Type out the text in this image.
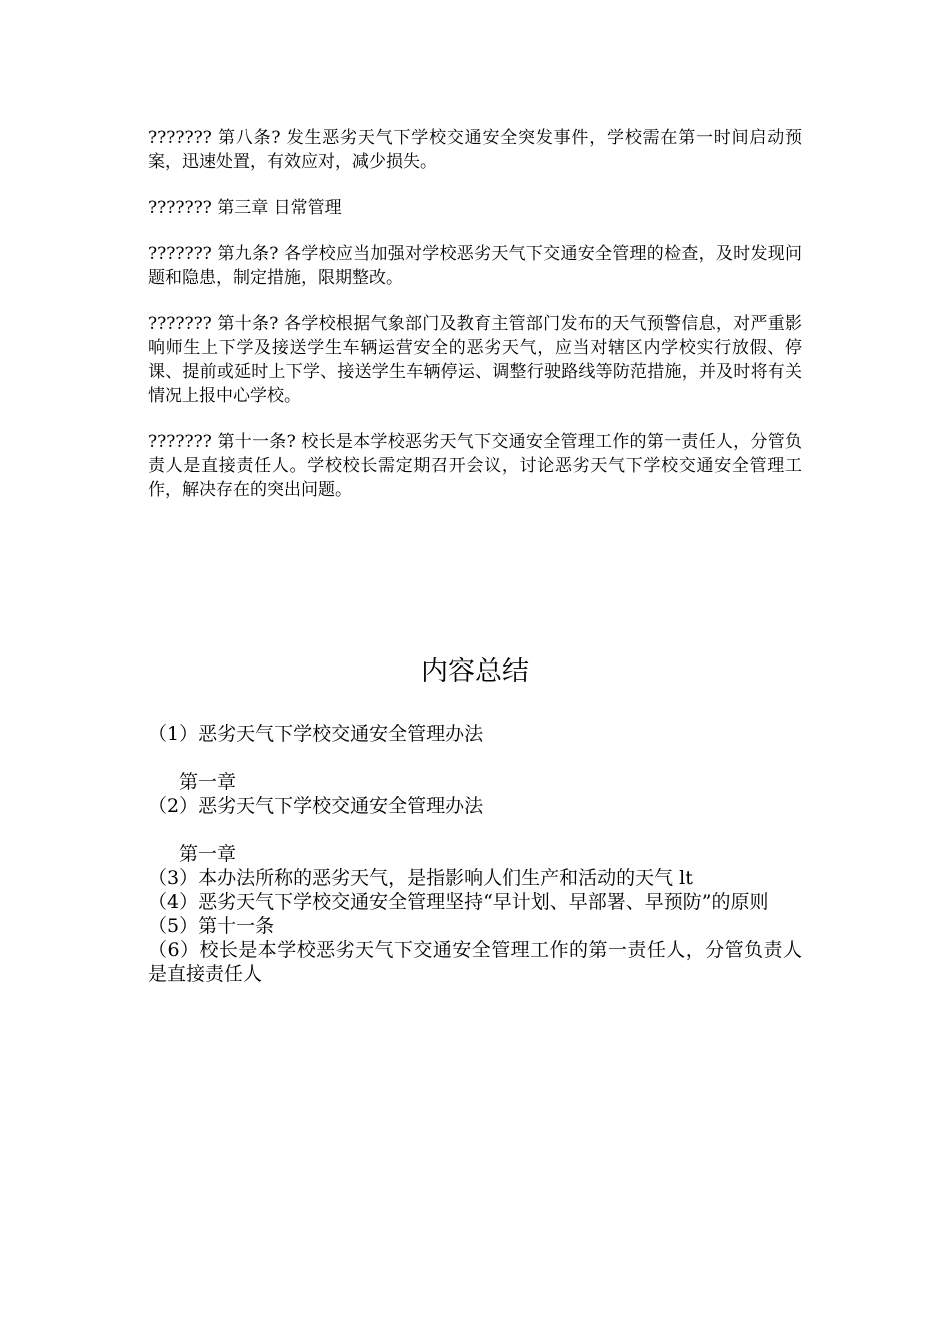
??????? 第八条? 发生恶劣天气下学校交通安全突发事件，学校需在第一时间启动预案，迅速处置，有效应对，减少损失。

??????? 第三章 日常管理

??????? 第九条? 各学校应当加强对学校恶劣天气下交通安全管理的检查，及时发现问题和隐患，制定措施，限期整改。

??????? 第十条? 各学校根据气象部门及教育主管部门发布的天气预警信息，对严重影响师生上下学及接送学生车辆运营安全的恶劣天气，应当对辖区内学校实行放假、停课、提前或延时上下学、接送学生车辆停运、调整行驶路线等防范措施，并及时将有关情况上报中心学校。

??????? 第十一条? 校长是本学校恶劣天气下交通安全管理工作的第一责任人，分管负责人是直接责任人。学校校长需定期召开会议，讨论恶劣天气下学校交通安全管理工作，解决存在的突出问题。

内容总结

（1）恶劣天气下学校交通安全管理办法

第一章

（2）恶劣天气下学校交通安全管理办法

第一章

（3）本办法所称的恶劣天气，是指影响人们生产和活动的天气 lt

（4）恶劣天气下学校交通安全管理坚持“早计划、早部署、早预防”的原则

（5）第十一条

（6）校长是本学校恶劣天气下交通安全管理工作的第一责任人，分管负责人是直接责任人
